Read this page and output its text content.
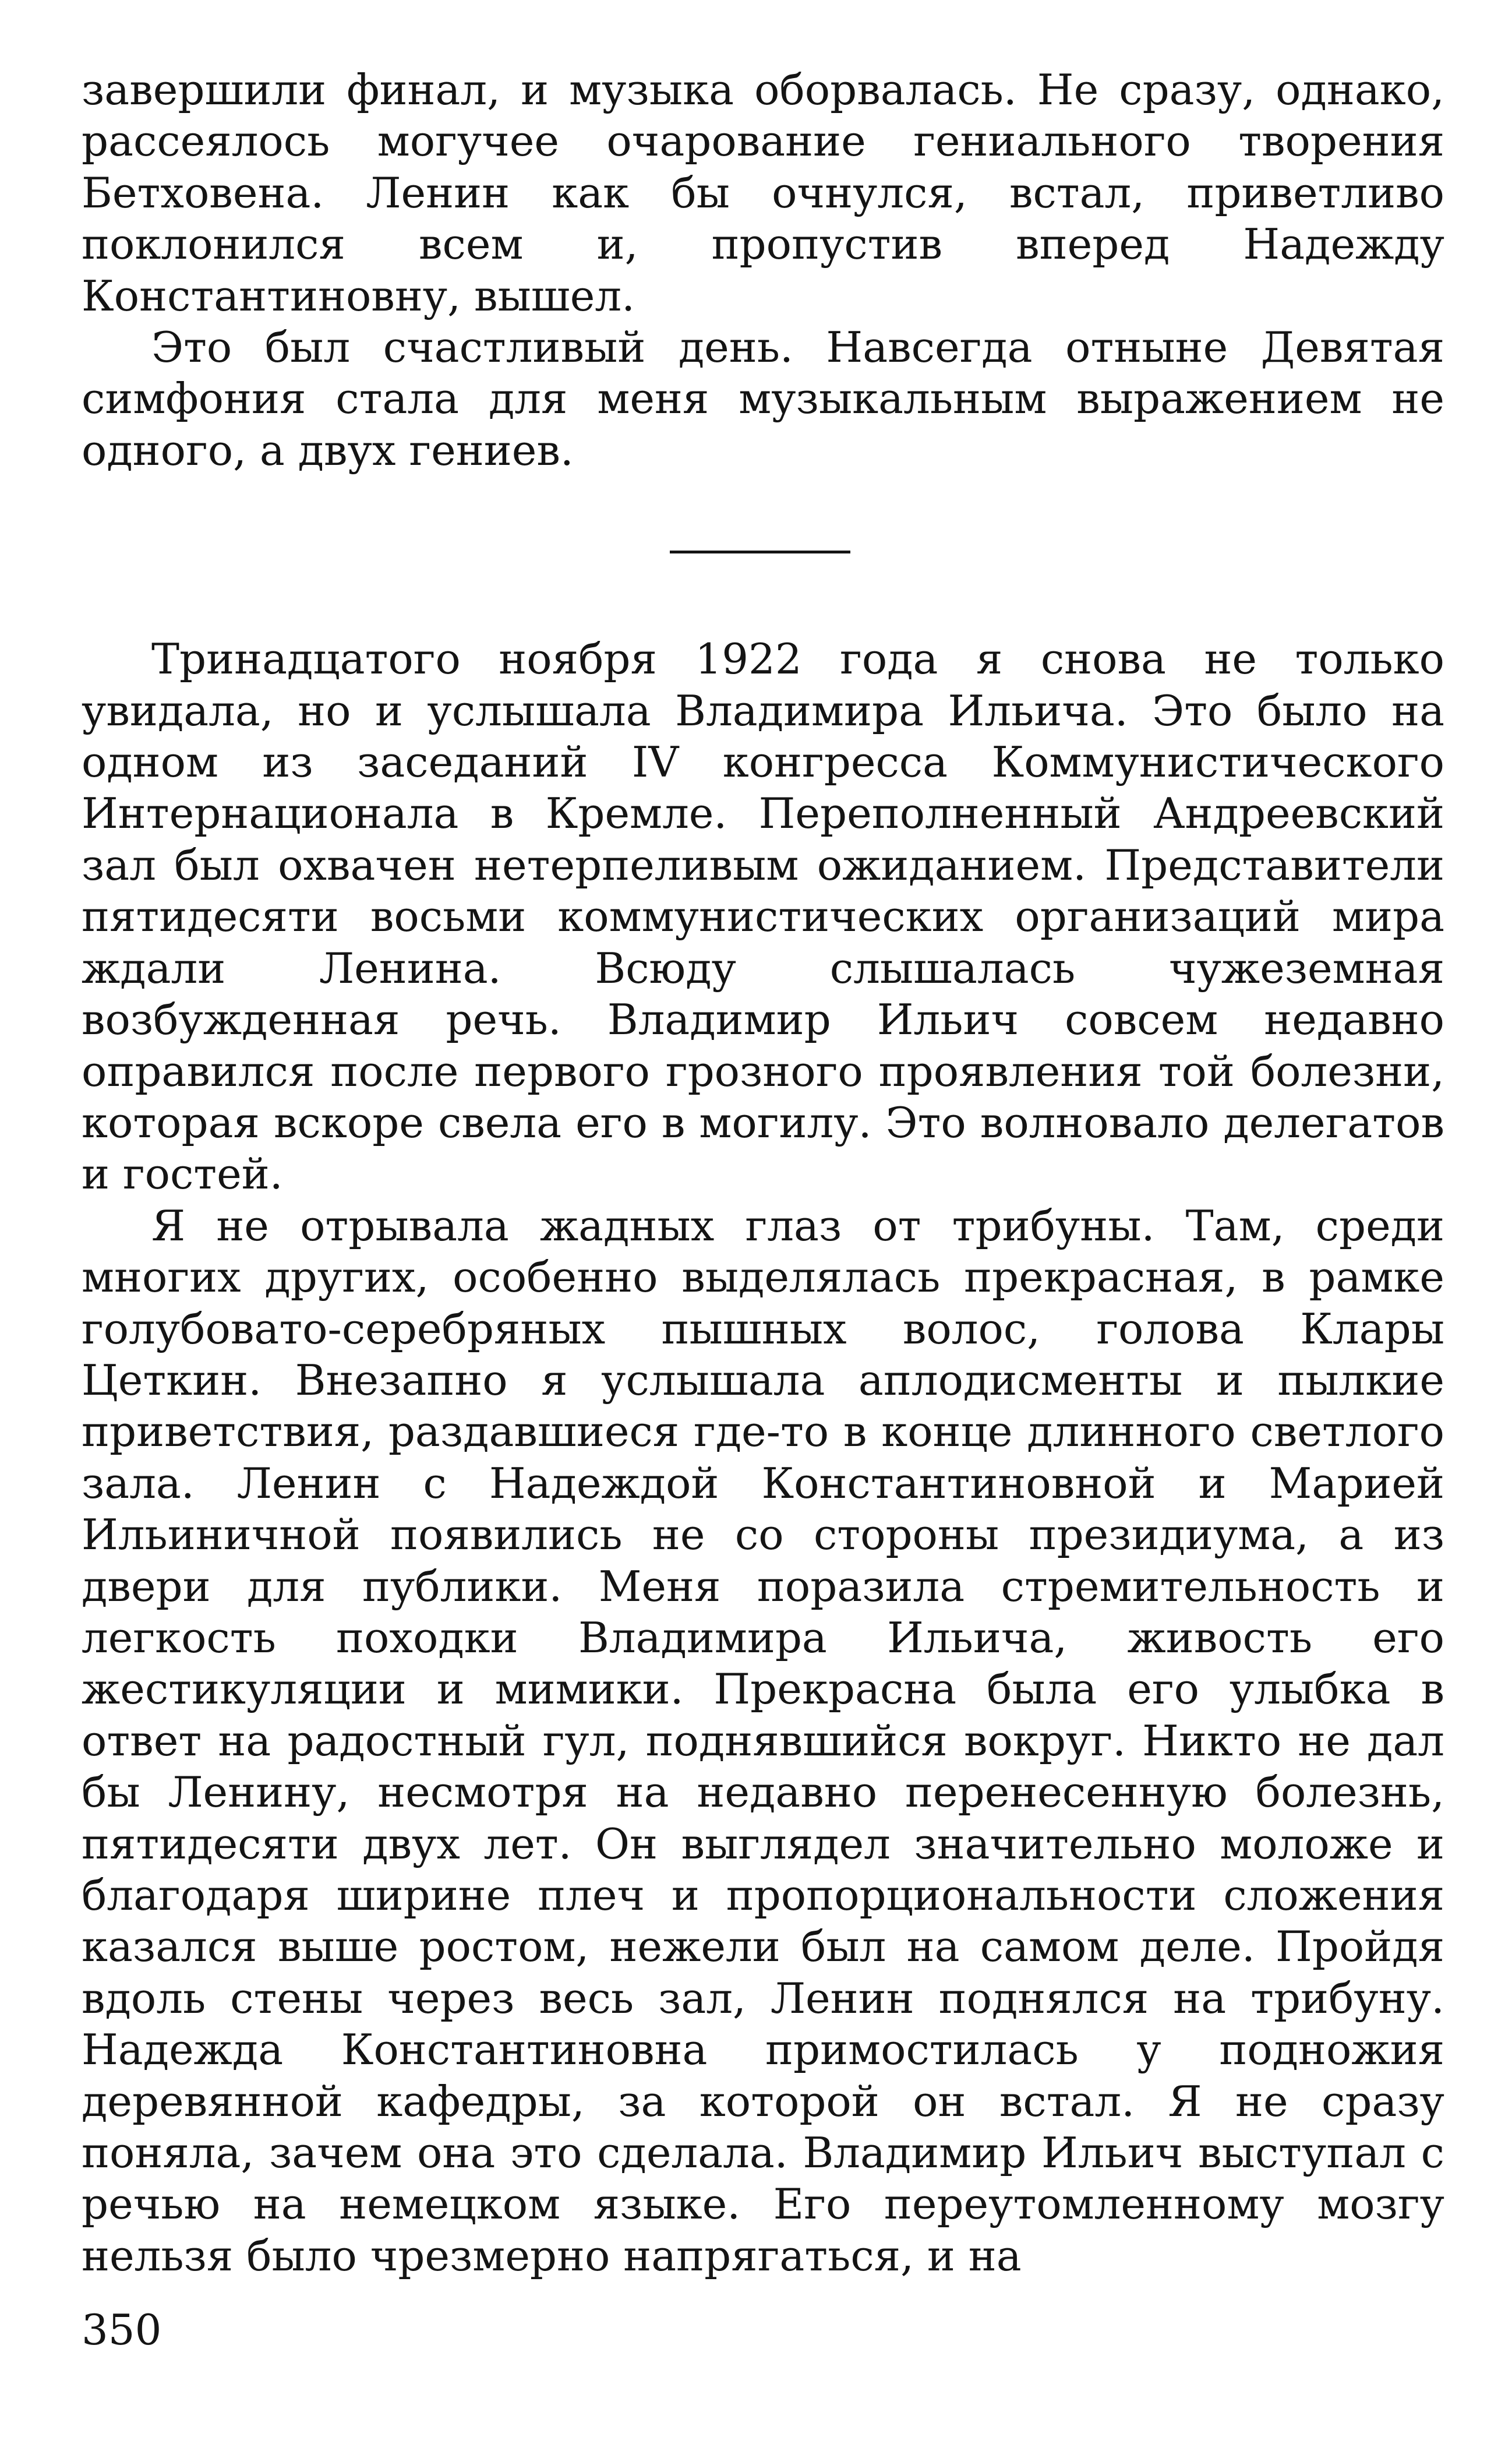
завершили финал, и музыка оборвалась. Не сразу, однако, рассеялось могучее очарование гениального творения Бетховена. Ленин как бы очнулся, встал, приветливо поклонился всем и, пропустив вперед Надежду Константиновну, вышел.

Это был счастливый день. Навсегда отныне Девятая симфония стала для меня музыкальным выражением не одного, а двух гениев.

Тринадцатого ноября 1922 года я снова не только увидала, но и услышала Владимира Ильича. Это было на одном из заседаний IV конгресса Коммунистического Интернационала в Кремле. Переполненный Андреевский зал был охвачен нетерпеливым ожиданием. Представители пятидесяти восьми коммунистических организаций мира ждали Ленина. Всюду слышалась чужеземная возбужденная речь. Владимир Ильич совсем недавно оправился после первого грозного проявления той болезни, которая вскоре свела его в могилу. Это волновало делегатов и гостей.

Я не отрывала жадных глаз от трибуны. Там, среди многих других, особенно выделялась прекрасная, в рамке голубовато-серебряных пышных волос, голова Клары Цеткин. Внезапно я услышала аплодисменты и пылкие приветствия, раздавшиеся где-то в конце длинного светлого зала. Ленин с Надеждой Константиновной и Марией Ильиничной появились не со стороны президиума, а из двери для публики. Меня поразила стремительность и легкость походки Владимира Ильича, живость его жестикуляции и мимики. Прекрасна была его улыбка в ответ на радостный гул, поднявшийся вокруг. Никто не дал бы Ленину, несмотря на недавно перенесенную болезнь, пятидесяти двух лет. Он выглядел значительно моложе и благодаря ширине плеч и пропорциональности сложения казался выше ростом, нежели был на самом деле. Пройдя вдоль стены через весь зал, Ленин поднялся на трибуну. Надежда Константиновна примостилась у подножия деревянной кафедры, за которой он встал. Я не сразу поняла, зачем она это сделала. Владимир Ильич выступал с речью на немецком языке. Его переутомленному мозгу нельзя было чрезмерно напрягаться, и на

350
